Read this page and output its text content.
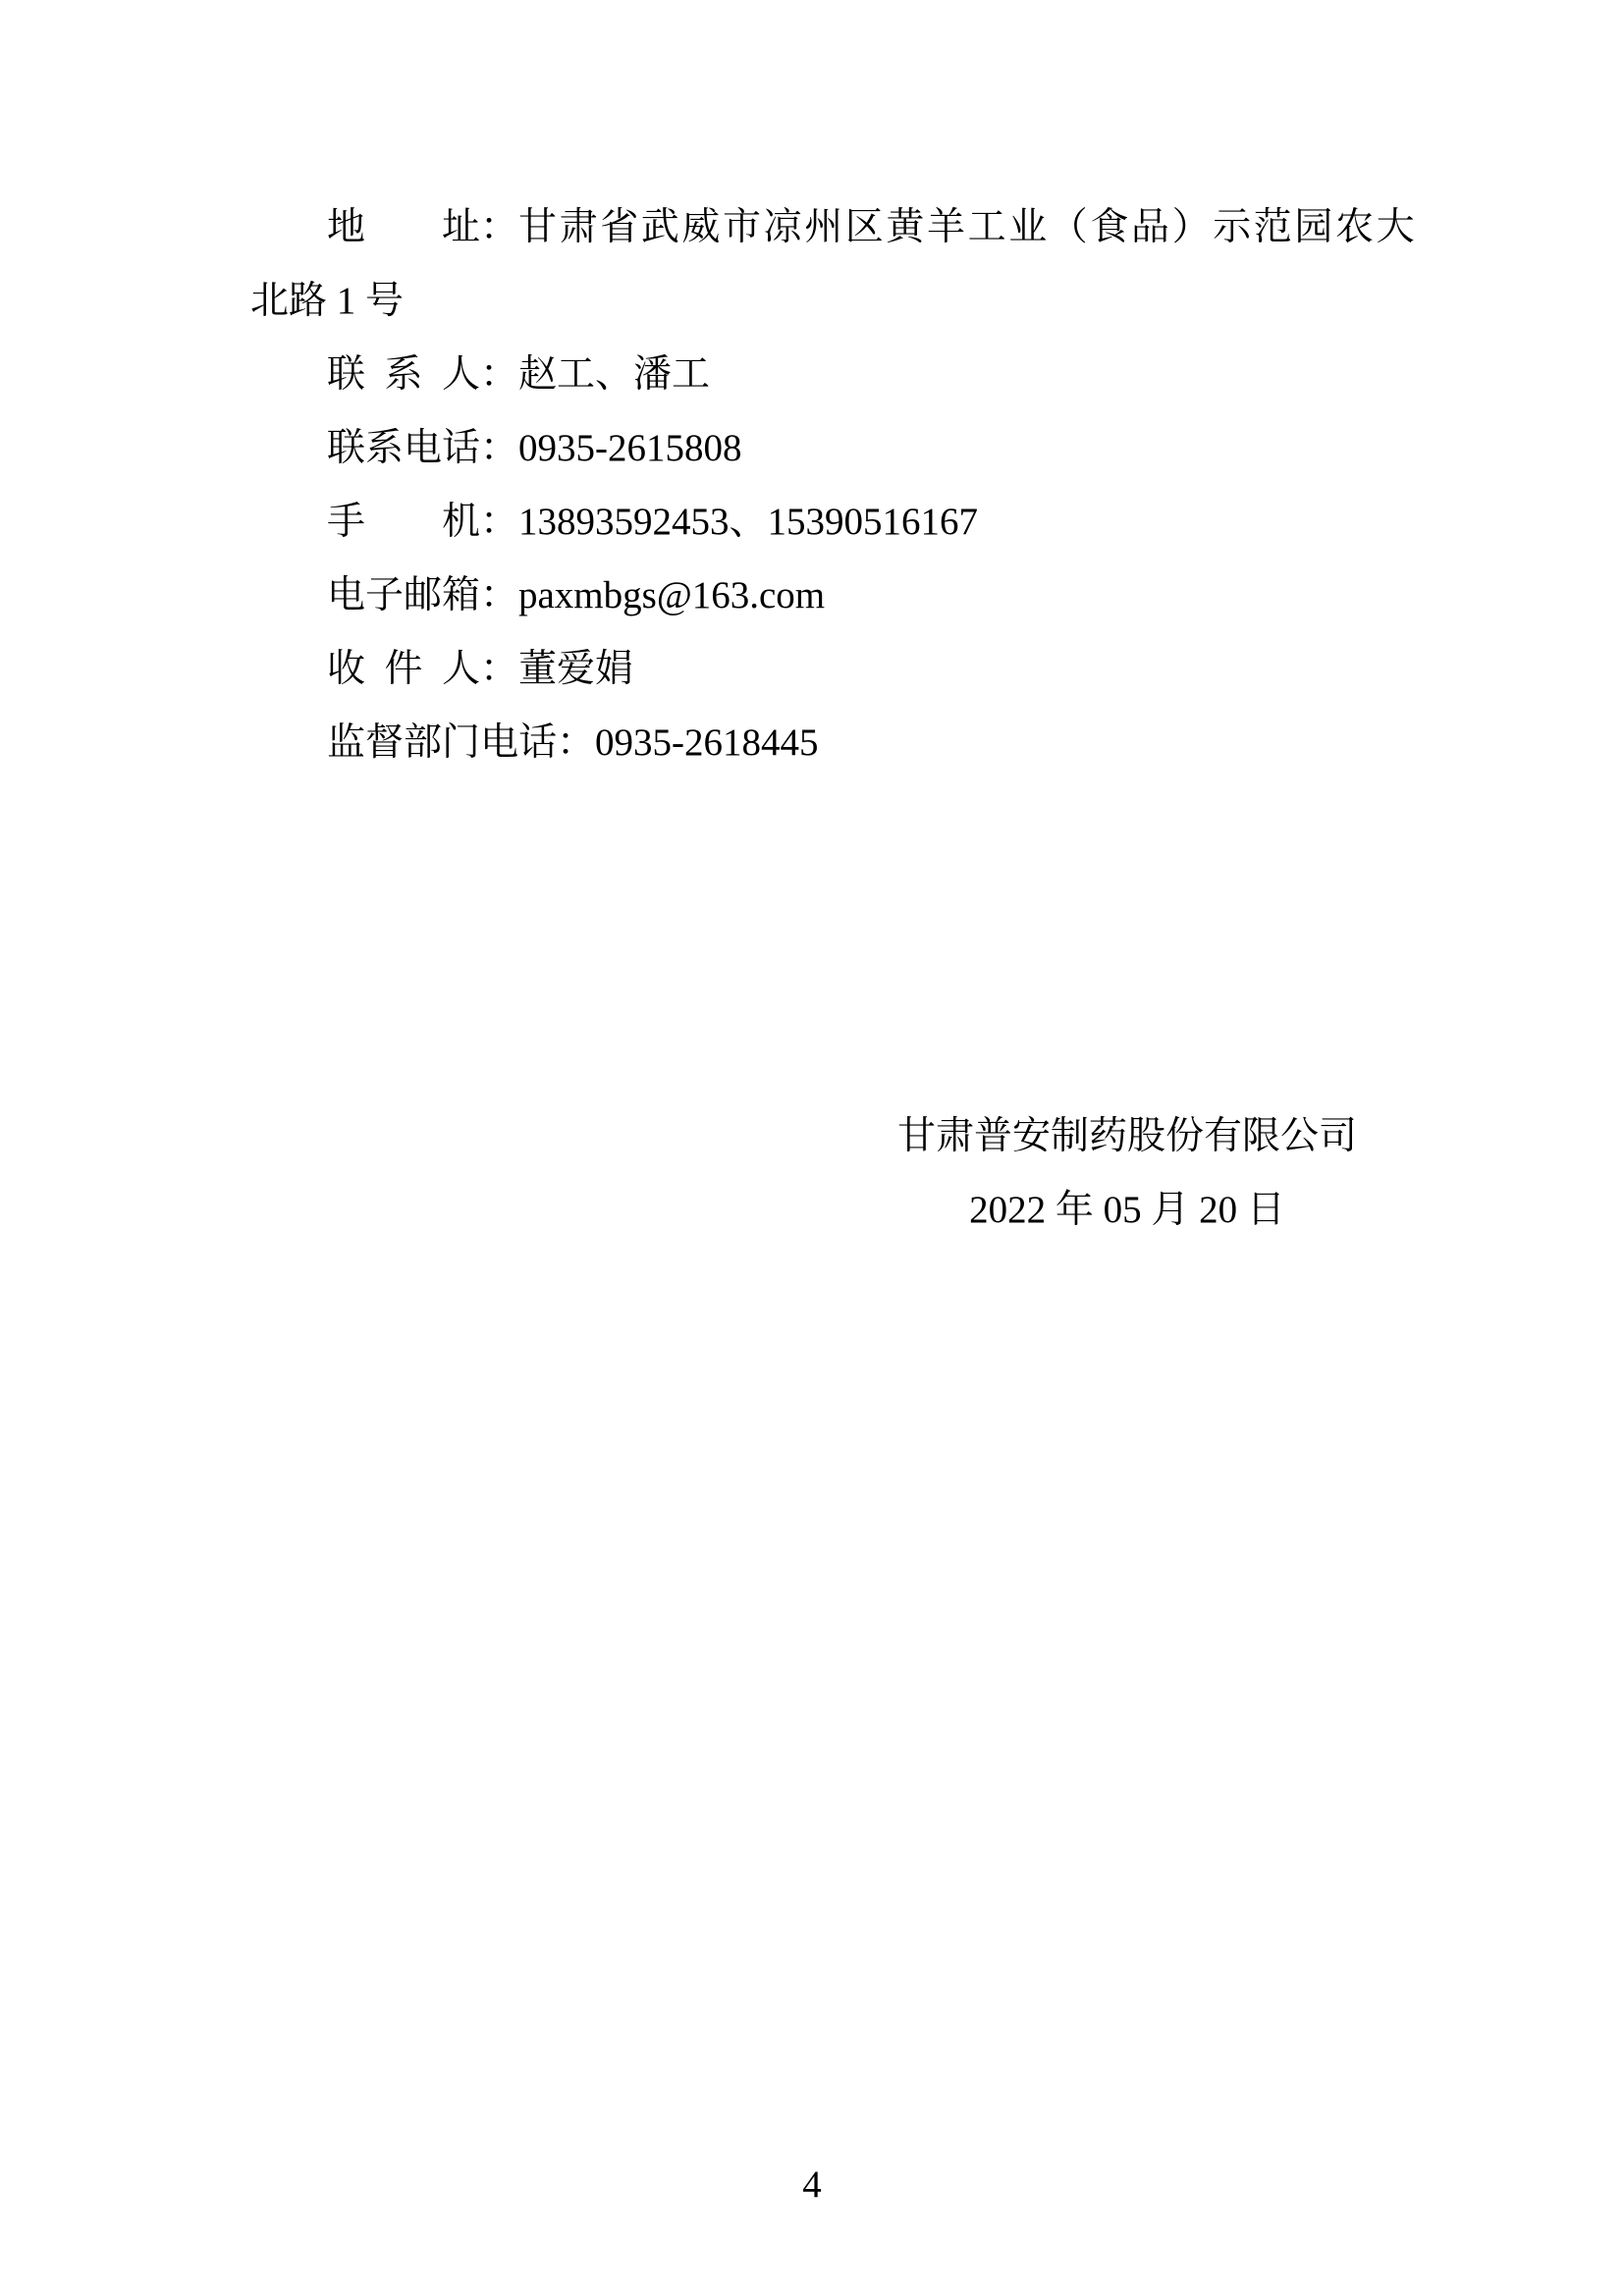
地 址 ：甘肃省武威市凉州区黄羊工业（食品）示范园农大
北路 1 号
联 系 人 ：赵工、潘工
联 系 电 话 ：0935-2615808
手 机 ：13893592453、15390516167
电 子 邮 箱 ：paxmbgs@163.com
收 件 人 ：董爱娟
监 督 部 门 电 话 ：0935-2618445
甘肃普安制药股份有限公司
2022 年 05 月 20 日
4
